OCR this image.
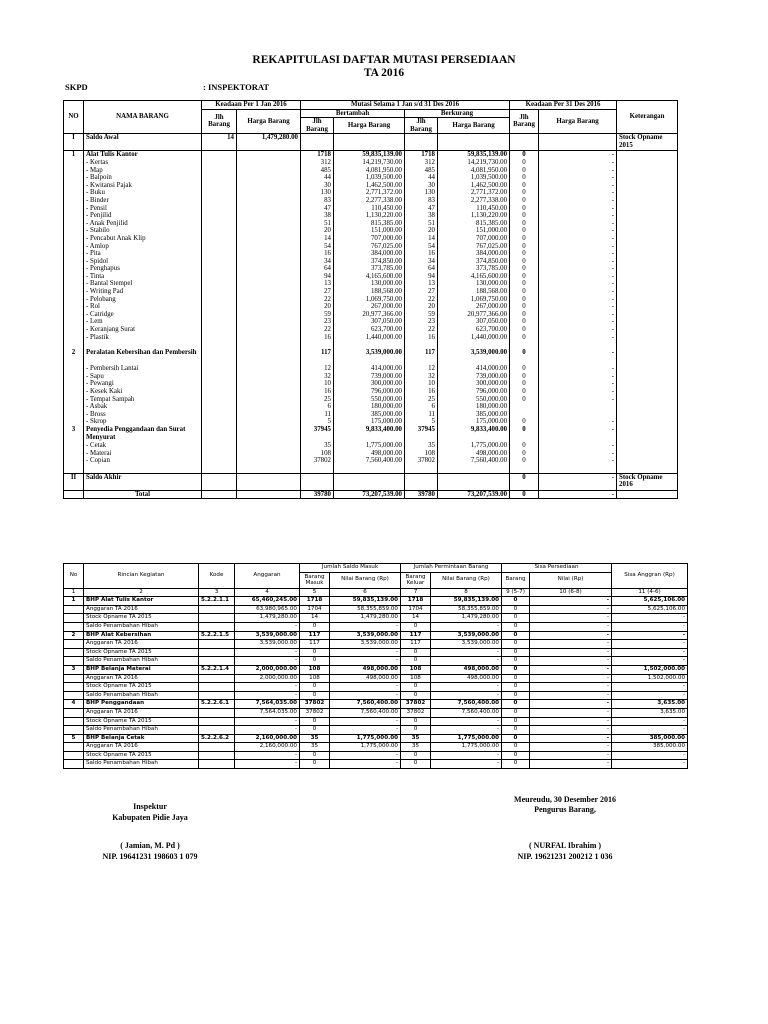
REKAPITULASI DAFTAR MUTASI PERSEDIAAN
TA 2016
SKPD	: INSPEKTORAT
NO	NAMA BARANG	Keadaan Per 1 Jan 2016		Mutasi Selama 1 Jan s/d 31 Des 2016				Keadaan Per 31 Des 2016		Keterangan
		Jlh Barang	Harga Barang	Bertambah		Berkurang		Jlh Barang	Harga Barang	
				Jlh Barang	Harga Barang	Jlh Barang	Harga Barang			
I	Saldo Awal	14	1,479,280.00							Stock Opname 2015
1	Alat Tulis Kantor			1718	59,835,139.00	1718	59,835,139.00	0	-	
	- Kertas			312	14,219,730.00	312	14,219,730.00	0	-	
	- Map			485	4,081,950.00	485	4,081,950.00	0	-	
	- Balpoin			44	1,039,500.00	44	1,039,500.00	0	-	
	- Kwitansi Pajak			30	1,462,500.00	30	1,462,500.00	0	-	
	- Buku			130	2,771,372.00	130	2,771,372.00	0	-	
	- Binder			83	2,277,338.00	83	2,277,338.00	0	-	
	- Pensil			47	110,450.00	47	110,450.00	0	-	
	- Penjilid			38	1,130,220.00	38	1,130,220.00	0	-	
	- Anak Penjilid			51	815,385.00	51	815,385.00	0	-	
	- Stabilo			20	151,000.00	20	151,000.00	0	-	
	- Pencabut Anak Klip			14	707,000.00	14	707,000.00	0	-	
	- Amlop			54	767,025.00	54	767,025.00	0	-	
	- Pita			16	384,000.00	16	384,000.00	0	-	
	- Spidol			34	374,850.00	34	374,850.00	0	-	
	- Penghapus			64	373,785.00	64	373,785.00	0	-	
	- Tinta			94	4,165,600.00	94	4,165,600.00	0	-	
	- Bantal Stempel			13	130,000.00	13	130,000.00	0	-	
	- Writing Pad			27	188,568.00	27	188,568.00	0	-	
	- Pelobang			22	1,069,750.00	22	1,069,750.00	0	-	
	- Rol			20	267,000.00	20	267,000.00	0	-	
	- Catridge			59	20,977,366.00	59	20,977,366.00	0	-	
	- Lem			23	307,050.00	23	307,050.00	0	-	
	- Keranjang Surat			22	623,700.00	22	623,700.00	0	-	
	- Plastik			16	1,440,000.00	16	1,440,000.00	0	-	

2	Peralatan Kebersihan dan Pembersih			117	3,539,000.00	117	3,539,000.00	0	-	
	- Pembersih Lantai			12	414,000.00	12	414,000.00	0	-	
	- Sapu			32	739,000.00	32	739,000.00	0	-	
	- Pewangi			10	300,000.00	10	300,000.00	0	-	
	- Kesek Kaki			16	796,000.00	16	796,000.00	0	-	
	- Tempat Sampah			25	550,000.00	25	550,000.00	0	-	
	- Asbak			6	180,000.00	6	180,000.00			
	- Bross			11	385,000.00	11	385,000.00			
	- Skrop			5	175,000.00	5	175,000.00	0	-	
3	Penyedia Penggandaan dan Surat Menyurat			37945	9,833,400.00	37945	9,833,400.00	0	-	
	- Cetak			35	1,775,000.00	35	1,775,000.00	0	-	
	- Materai			108	498,000.00	108	498,000.00	0	-	
	- Copian			37802	7,560,400.00	37802	7,560,400.00	0	-	

II	Saldo Akhir							0	-	Stock Opname 2016
	Total			39780	73,207,539.00	39780	73,207,539.00	0	-	
No	Rincian Kegiatan	Kode	Anggaran	Jumlah Saldo Masuk		Jumlah Permintaan Barang		Sisa Persediaan		Sisa Anggran (Rp)
				Barang Masuk	Nilai Barang (Rp)	Barang Keluar	Nilai Barang (Rp)	Barang	Nilai (Rp)	
1	2	3	4	5	6	7	8	9 (5-7)	10 (6-8)	11 (4-6)
1	BHP Alat Tulis Kantor	5.2.2.1.1	65,460,245.00	1718	59,835,139.00	1718	59,835,139.00	0	-	5,625,106.00
	Anggaran TA 2016		63,980,965.00	1704	58,355,859.00	1704	58,355,859.00	0	-	5,625,106.00
	Stock Opname TA 2015		1,479,280.00	14	1,479,280.00	14	1,479,280.00	0	-	-
	Saldo Penambahan Hibah		-	0	-	0	-	0	-	-
2	BHP Alat Kebersihan	5.2.2.1.5	3,539,000.00	117	3,539,000.00	117	3,539,000.00	0	-	-
	Anggaran TA 2016		3,539,000.00	117	3,539,000.00	117	3,539,000.00	0	-	-
	Stock Opname TA 2015		-	0	-	0	-	0	-	-
	Saldo Penambahan Hibah		-	0	-	0	-	0	-	-
3	BHP Belanja Materai	5.2.2.1.4	2,000,000.00	108	498,000.00	108	498,000.00	0	-	1,502,000.00
	Anggaran TA 2016		2,000,000.00	108	498,000.00	108	498,000.00	0	-	1,502,000.00
	Stock Opname TA 2015		-	0	-	0	-	0	-	-
	Saldo Penambahan Hibah		-	0	-	0	-	0	-	-
4	BHP Penggandaan	5.2.2.6.1	7,564,035.00	37802	7,560,400.00	37802	7,560,400.00	0	-	3,635.00
	Anggaran TA 2016		7,564,035.00	37802	7,560,400.00	37802	7,560,400.00	0	-	3,635.00
	Stock Opname TA 2015		-	0	-	0	-	0	-	-
	Saldo Penambahan Hibah		-	0	-	0	-	0	-	-
5	BHP Belanja Cetak	5.2.2.6.2	2,160,000.00	35	1,775,000.00	35	1,775,000.00	0	-	385,000.00
	Anggaran TA 2016		2,160,000.00	35	1,775,000.00	35	1,775,000.00	0	-	385,000.00
	Stock Opname TA 2015		-	0	-	0	-	0	-	-
	Saldo Penambahan Hibah		-	0	-	0	-	0	-	-
Inspektur
Kabupaten Pidie Jaya
( Jamian, M. Pd )
NIP. 19641231 198603 1 079
Meureudu, 30 Desember 2016
Pengurus Barang,
( NURFAL Ibrahim )
NIP. 19621231 200212 1 036
